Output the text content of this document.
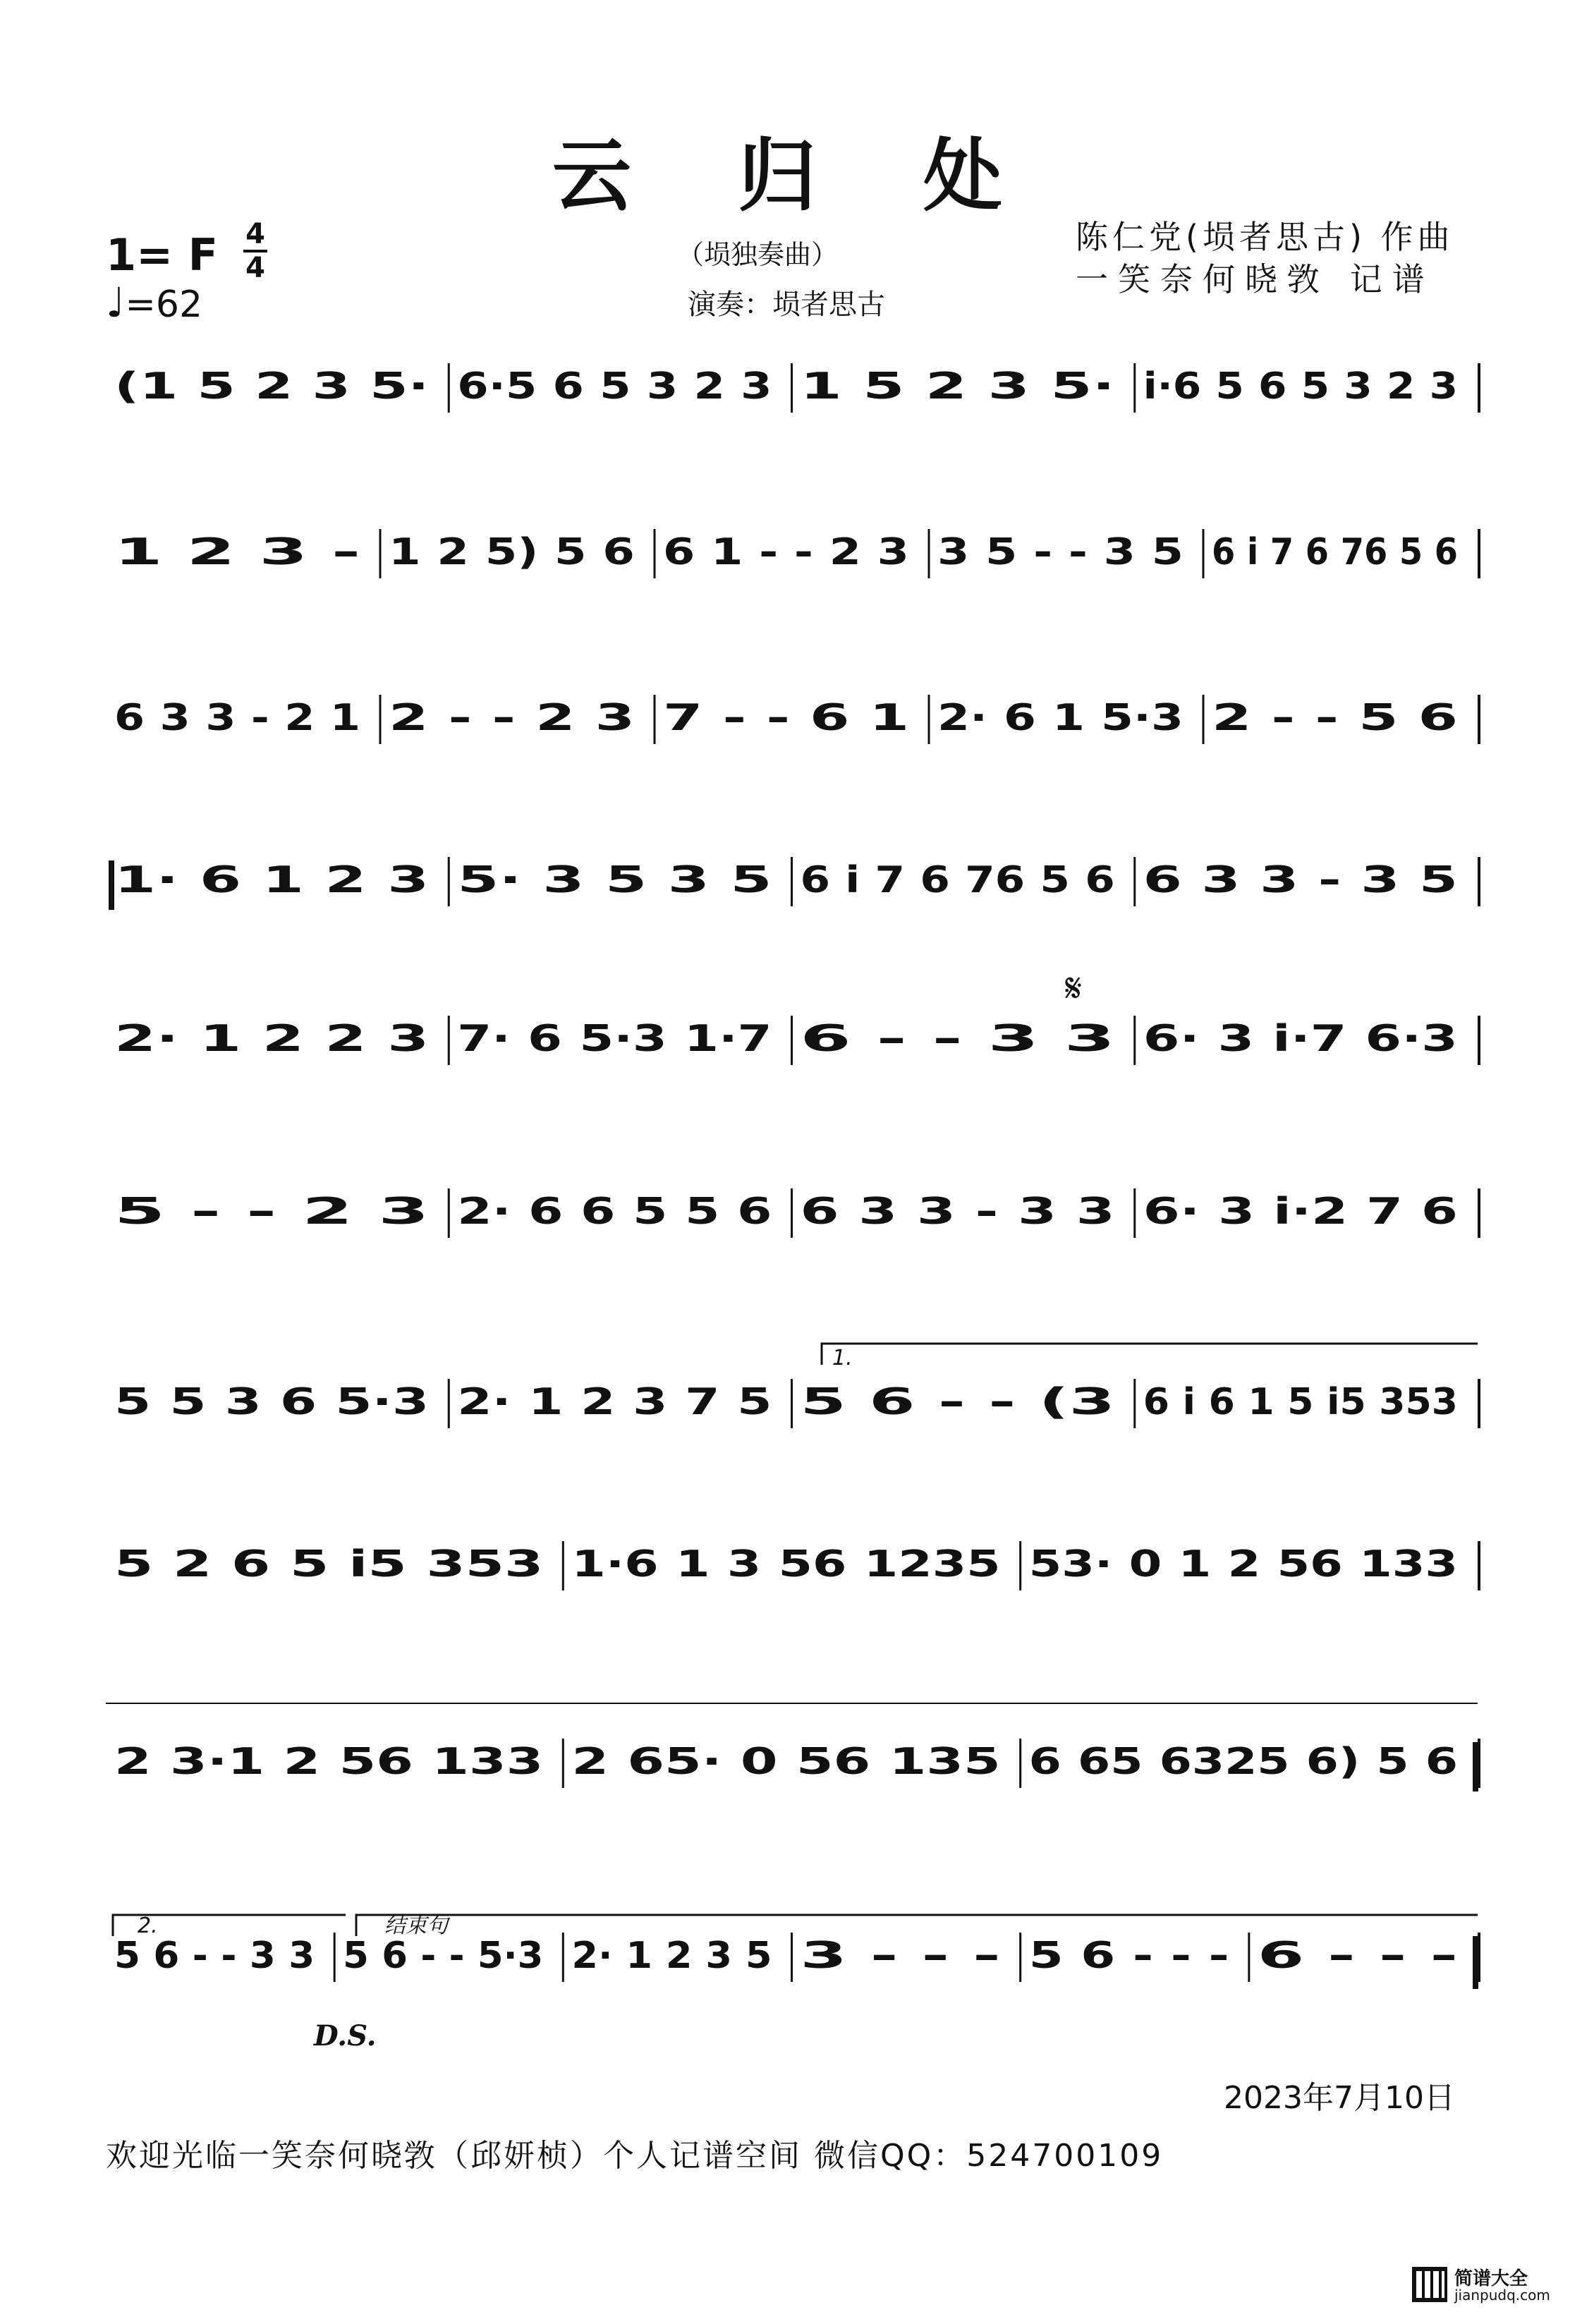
云 归 处
（埙独奏曲）
演奏：埙者思古
陈仁党(埙者思古) 作曲
一笑奈何晓敩 记谱
1= F 4
4
♩=62
(1 5 2 3 5· 6·5 6 5 3 2 3 1 5 2 3 5· i·6 5 6 5 3 2 3
1 2 3 - 1 2 5) 5 6 6 1 - - 2 3 3 5 - - 3 5 6 i 7 6 76 5 6
6 3 3 - 2 1 2 - - 2 3 7 - - 6 1 2· 6 1 5·3 2 - - 5 6
1· 6 1 2 3 5· 3 5 3 5 6 i 7 6 76 5 6 6 3 3 - 3 5
2· 1 2 2 3 7· 6 5·3 1·7 6 - - 3 3 6· 3 i·7 6·3
5 - - 2 3 2· 6 6 5 5 6 6 3 3 - 3 3 6· 3 i·2 7 6
5 5 3 6 5·3 2· 1 2 3 7 5 5 6 - - (3 6 i 6 1 5 i5 353
5 2 6 5 i5 353 1·6 1 3 56 1235 53· 0 1 2 56 133
2 3·1 2 56 133 2 65· 0 56 135 6 65 6325 6) 5 6
5 6 - - 3 3 5 6 - - 5·3 2· 1 2 3 5 3 - - - 5 6 - - - 6 - - -
1.
2.	结束句
D.S.
𝄋
2023年7月10日
欢迎光临一笑奈何晓敩（邱妍桢）个人记谱空间 微信QQ：524700109
简谱大全
jianpudq.com
